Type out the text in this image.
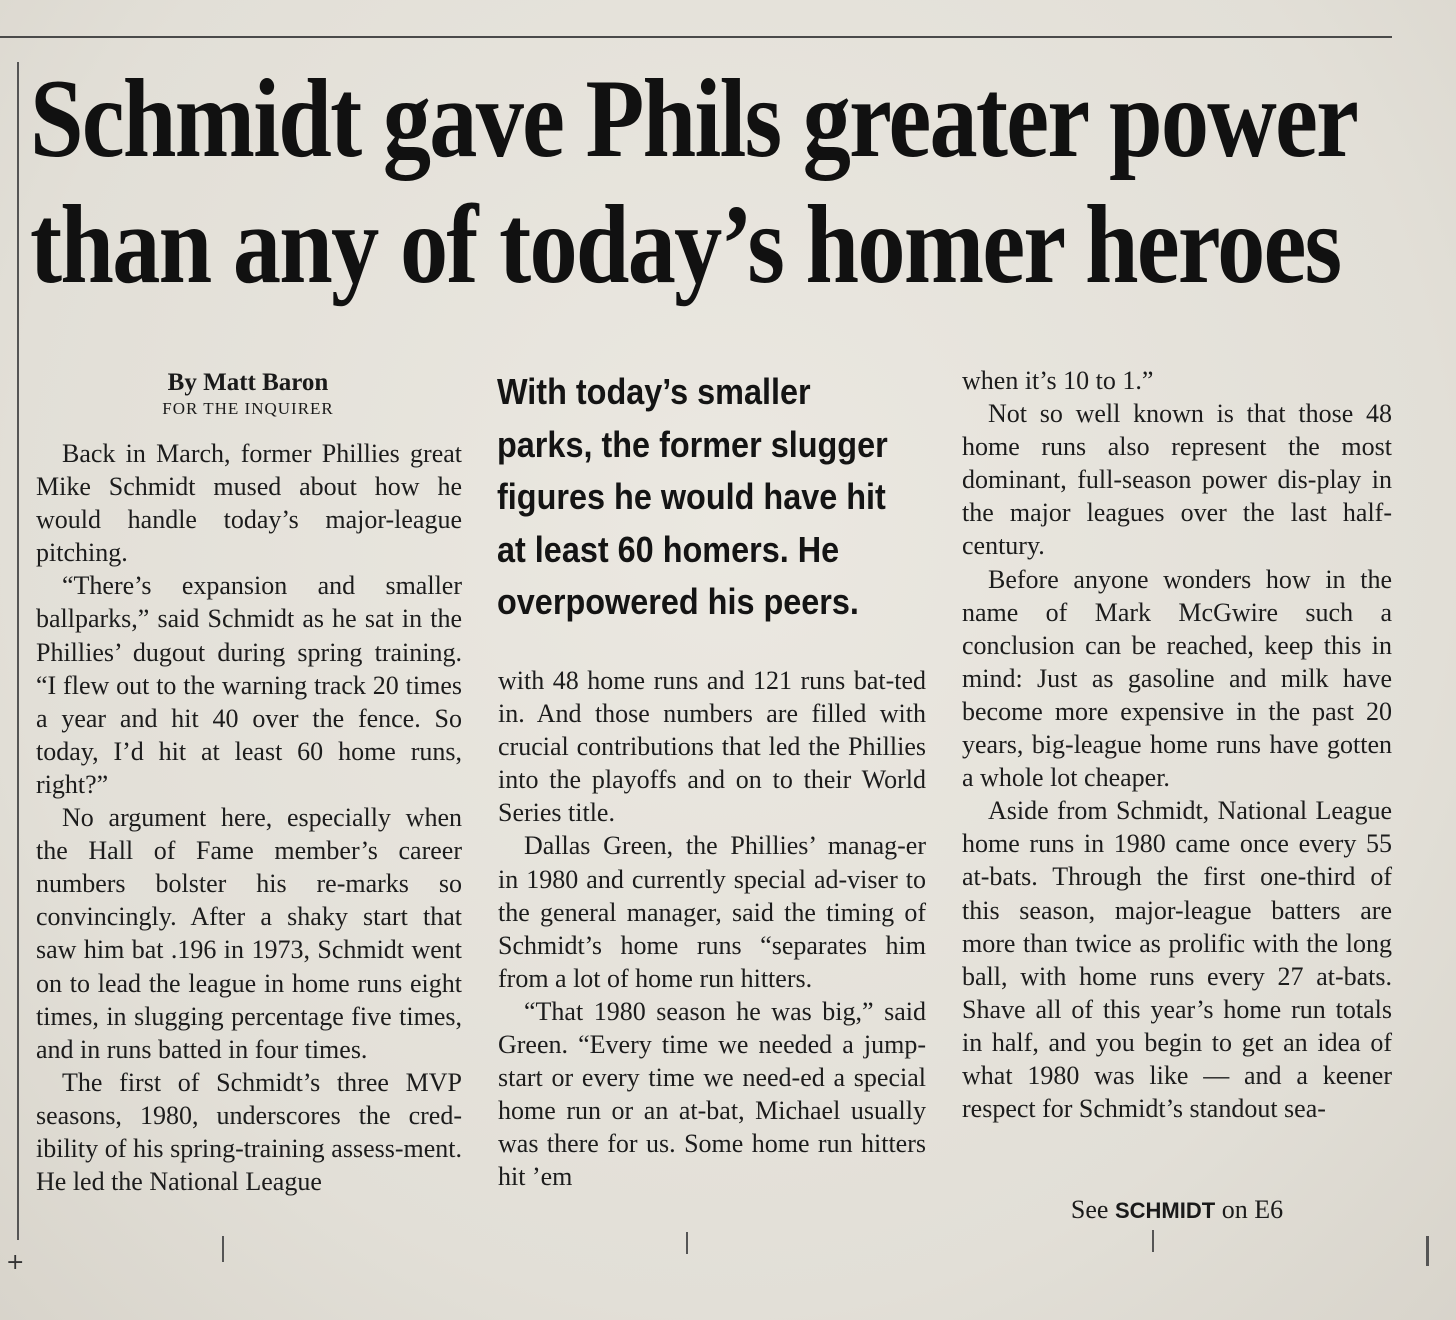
Schmidt gave Phils greater power
than any of today’s homer heroes
By Matt Baron
FOR THE INQUIRER

Back in March, former Phillies great Mike Schmidt mused about how he would handle today’s major-league pitching.

“There’s expansion and smaller ballparks,” said Schmidt as he sat in the Phillies’ dugout during spring training. “I flew out to the warning track 20 times a year and hit 40 over the fence. So today, I’d hit at least 60 home runs, right?”

No argument here, especially when the Hall of Fame member’s career numbers bolster his re-marks so convincingly. After a shaky start that saw him bat .196 in 1973, Schmidt went on to lead the league in home runs eight times, in slugging percentage five times, and in runs batted in four times.

The first of Schmidt’s three MVP seasons, 1980, underscores the cred-ibility of his spring-training assess-ment. He led the National League

With today’s smaller parks, the former slugger figures he would have hit at least 60 homers. He overpowered his peers.

with 48 home runs and 121 runs bat-ted in. And those numbers are filled with crucial contributions that led the Phillies into the playoffs and on to their World Series title.

Dallas Green, the Phillies’ manag-er in 1980 and currently special ad-viser to the general manager, said the timing of Schmidt’s home runs “separates him from a lot of home run hitters.

“That 1980 season he was big,” said Green. “Every time we needed a jump-start or every time we need-ed a special home run or an at-bat, Michael usually was there for us. Some home run hitters hit ’em

when it’s 10 to 1.”

Not so well known is that those 48 home runs also represent the most dominant, full-season power dis-play in the major leagues over the last half-century.

Before anyone wonders how in the name of Mark McGwire such a conclusion can be reached, keep this in mind: Just as gasoline and milk have become more expensive in the past 20 years, big-league home runs have gotten a whole lot cheaper.

Aside from Schmidt, National League home runs in 1980 came once every 55 at-bats. Through the first one-third of this season, major-league batters are more than twice as prolific with the long ball, with home runs every 27 at-bats. Shave all of this year’s home run totals in half, and you begin to get an idea of what 1980 was like — and a keener respect for Schmidt’s standout sea-

See SCHMIDT on E6
+
